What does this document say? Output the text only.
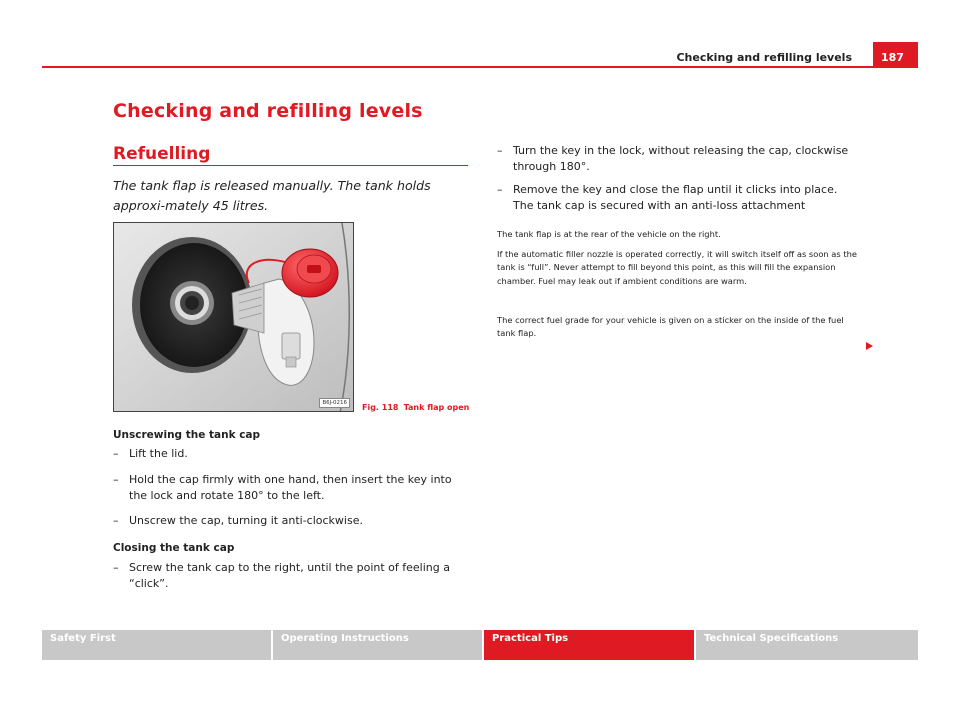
Checking and refilling levels	187
Checking and refilling levels
Refuelling
The tank flap is released manually. The tank holds approxi-mately 45 litres.
B6J-0216	Fig. 118 Tank flap open
Unscrewing the tank cap
– Lift the lid.
– Hold the cap firmly with one hand, then insert the key into the lock and rotate 180° to the left.
– Unscrew the cap, turning it anti-clockwise.
Closing the tank cap
– Screw the tank cap to the right, until the point of feeling a “click”.
– Turn the key in the lock, without releasing the cap, clockwise through 180°.
– Remove the key and close the flap until it clicks into place. The tank cap is secured with an anti-loss attachment
The tank flap is at the rear of the vehicle on the right.
If the automatic filler nozzle is operated correctly, it will switch itself off as soon as the tank is “full”. Never attempt to fill beyond this point, as this will fill the expansion chamber. Fuel may leak out if ambient conditions are warm.
The correct fuel grade for your vehicle is given on a sticker on the inside of the fuel tank flap.
Safety First	Operating Instructions	Practical Tips	Technical Specifications
